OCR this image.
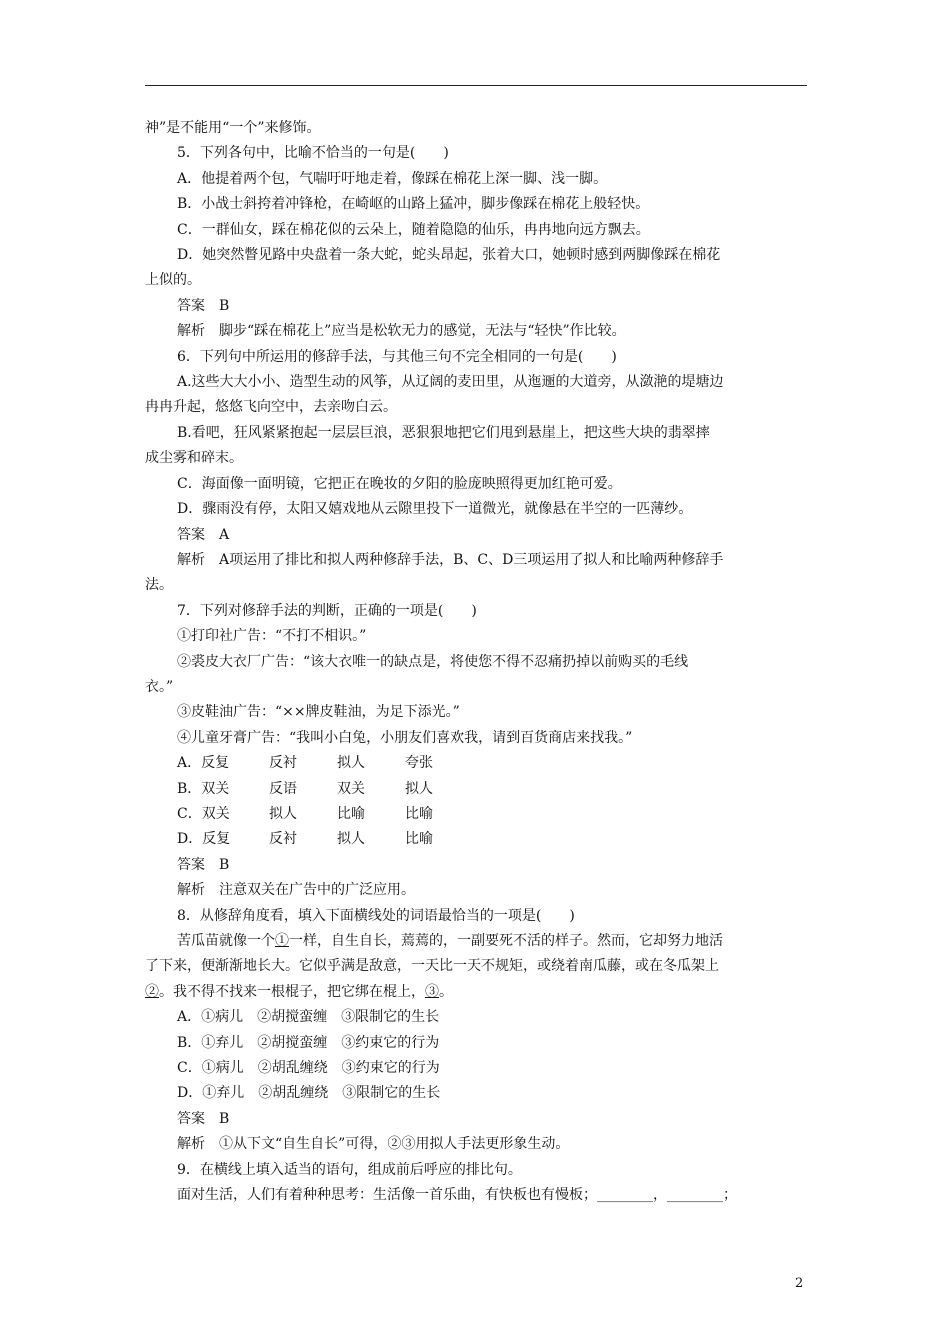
神”是不能用“一个”来修饰。

5．下列各句中，比喻不恰当的一句是(　　)

A．他提着两个包，气喘吁吁地走着，像踩在棉花上深一脚、浅一脚。

B．小战士斜挎着冲锋枪，在崎岖的山路上猛冲，脚步像踩在棉花上般轻快。

C．一群仙女，踩在棉花似的云朵上，随着隐隐的仙乐，冉冉地向远方飘去。

D．她突然瞥见路中央盘着一条大蛇，蛇头昂起，张着大口，她顿时感到两脚像踩在棉花

上似的。

答案　B

解析　脚步“踩在棉花上”应当是松软无力的感觉，无法与“轻快”作比较。

6．下列句中所运用的修辞手法，与其他三句不完全相同的一句是(　　)

A.这些大大小小、造型生动的风筝，从辽阔的麦田里，从迤逦的大道旁，从潋滟的堤塘边

冉冉升起，悠悠飞向空中，去亲吻白云。

B.看吧，狂风紧紧抱起一层层巨浪，恶狠狠地把它们甩到悬崖上，把这些大块的翡翠摔

成尘雾和碎末。

C．海面像一面明镜，它把正在晚妆的夕阳的脸庞映照得更加红艳可爱。

D．骤雨没有停，太阳又嬉戏地从云隙里投下一道微光，就像悬在半空的一匹薄纱。

答案　A

解析　A项运用了排比和拟人两种修辞手法，B、C、D三项运用了拟人和比喻两种修辞手

法。

7．下列对修辞手法的判断，正确的一项是(　　)

①打印社广告：“不打不相识。”

②裘皮大衣厂广告：“该大衣唯一的缺点是，将使您不得不忍痛扔掉以前购买的毛线

衣。”

③皮鞋油广告：“××牌皮鞋油，为足下添光。”

④儿童牙膏广告：“我叫小白兔，小朋友们喜欢我，请到百货商店来找我。”

A．反复	反衬	拟人	夸张
B．双关	反语	双关	拟人
C．双关	拟人	比喻	比喻
D．反复	反衬	拟人	比喻

答案　B

解析　注意双关在广告中的广泛应用。

8．从修辞角度看，填入下面横线处的词语最恰当的一项是(　　)

苦瓜苗就像一个①一样，自生自长，蔫蔫的，一副要死不活的样子。然而，它却努力地活

了下来，便渐渐地长大。它似乎满是敌意，一天比一天不规矩，或绕着南瓜藤，或在冬瓜架上

②。我不得不找来一根棍子，把它绑在棍上，③。

A．①病儿　②胡搅蛮缠　③限制它的生长

B．①弃儿　②胡搅蛮缠　③约束它的行为

C．①病儿　②胡乱缠绕　③约束它的行为

D．①弃儿　②胡乱缠绕　③限制它的生长

答案　B

解析　①从下文“自生自长”可得，②③用拟人手法更形象生动。

9．在横线上填入适当的语句，组成前后呼应的排比句。

面对生活，人们有着种种思考：生活像一首乐曲，有快板也有慢板；________，________；

2
